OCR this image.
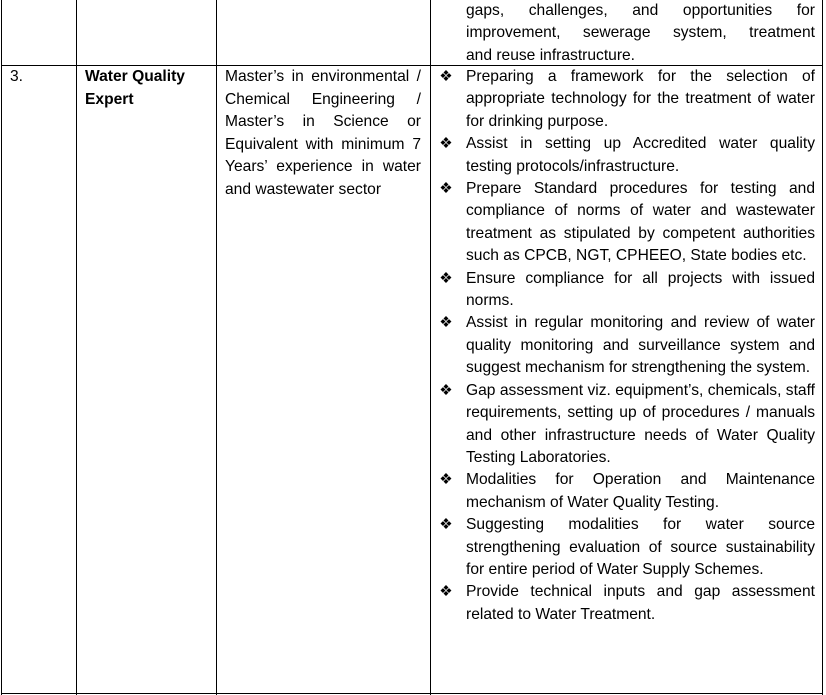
gaps, challenges, and opportunities for

improvement, sewerage system, treatment

and reuse infrastructure.

3.	Water Quality Expert

Master’s in environmental / Chemical Engineering / Master’s in Science or Equivalent with minimum 7 Years’ experience in water and wastewater sector

❖ Preparing a framework for the selection of appropriate technology for the treatment of water for drinking purpose.
❖ Assist in setting up Accredited water quality testing protocols/infrastructure.
❖ Prepare Standard procedures for testing and compliance of norms of water and wastewater treatment as stipulated by competent authorities such as CPCB, NGT, CPHEEO, State bodies etc.
❖ Ensure compliance for all projects with issued norms.
❖ Assist in regular monitoring and review of water quality monitoring and surveillance system and suggest mechanism for strengthening the system.
❖ Gap assessment viz. equipment’s, chemicals, staff requirements, setting up of procedures / manuals and other infrastructure needs of Water Quality Testing Laboratories.
❖ Modalities for Operation and Maintenance mechanism of Water Quality Testing.
❖ Suggesting modalities for water source strengthening evaluation of source sustainability for entire period of Water Supply Schemes.
❖ Provide technical inputs and gap assessment related to Water Treatment.
